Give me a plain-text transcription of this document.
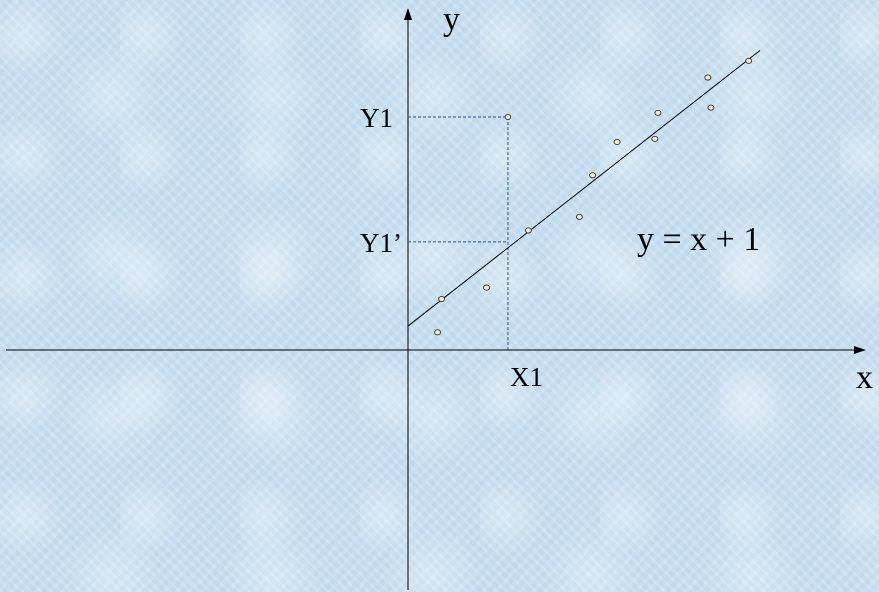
y
x
Y1
Y1’
X1
y = x + 1
